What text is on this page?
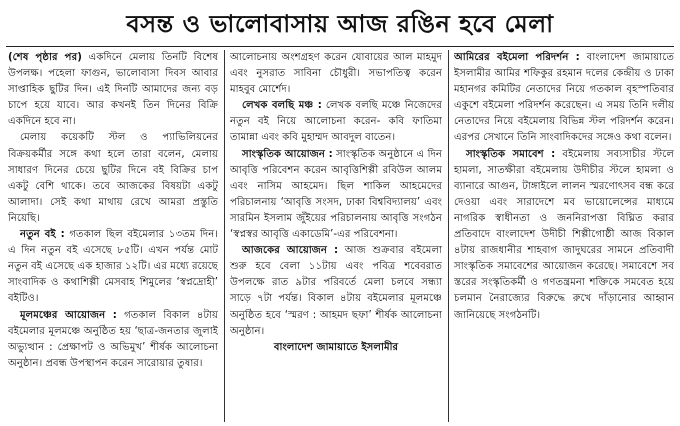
বসন্ত ও ভালোবাসায় আজ রঙিন হবে মেলা

(শেষ পৃষ্ঠার পর) একদিনে মেলায় তিনটি বিশেষ উপলক্ষ। পহেলা ফাগুন, ভালোবাসা দিবস আবার সাপ্তাহিক ছুটির দিন। এই দিনটি আমাদের জন্য বড় চাপে হয়ে যাবে। আর কখনই তিন দিনের বিক্রি একদিনে হবে না।

মেলায় কয়েকটি স্টল ও প্যাভিলিয়নের বিক্রয়কর্মীর সঙ্গে কথা হলে তারা বলেন, মেলায় সাধারণ দিনের চেয়ে ছুটির দিনে বই বিক্রির চাপ একটু বেশি থাকে। তবে আজকের বিষয়টা একটু আলাদা। সেই কথা মাথায় রেখে আমরা প্রস্তুতি নিয়েছি।

নতুন বই : গতকাল ছিল বইমেলার ১৩তম দিন। এ দিন নতুন বই এসেছে ৮৫টি। এখন পর্যন্ত মোট নতুন বই এসেছে এক হাজার ১২টি। এর মধ্যে রয়েছে সাংবাদিক ও কথাশিল্পী মেসবাহ শিমুলের ‘স্বপ্নদ্রোহী’ বইটিও।

মূলমঞ্চের আয়োজন : গতকাল বিকাল ৪টায় বইমেলার মূলমঞ্চে অনুষ্ঠিত হয় ‘ছাত্র-জনতার জুলাই অভ্যুত্থান : প্রেক্ষাপট ও অভিমুখ’ শীর্ষক আলোচনা অনুষ্ঠান। প্রবন্ধ উপস্থাপন করেন সারোয়ার তুষার।

আলোচনায় অংশগ্রহণ করেন যোবায়ের আল মাহমুদ এবং নুসরাত সাবিনা চৌধুরী। সভাপতিত্ব করেন মাহবুব মোর্শেদ।

লেখক বলছি মঞ্চ : লেখক বলছি মঞ্চে নিজেদের নতুন বই নিয়ে আলোচনা করেন- কবি ফাতিমা তামান্না এবং কবি মুহাম্মদ আবদুল বাতেন।

সাংস্কৃতিক আয়োজন : সাংস্কৃতিক অনুষ্ঠানে এ দিন আবৃত্তি পরিবেশন করেন আবৃত্তিশিল্পী রবিউল আলম এবং নাসিম আহমেদ। ছিল শাকিল আহমেদের পরিচালনায় ‘আবৃত্তি সংসদ, ঢাকা বিশ্ববিদ্যালয়’ এবং সারমিন ইসলাম জুঁইয়ের পরিচালনায় আবৃত্তি সংগঠন ‘স্বপ্নস্বর আবৃত্তি একাডেমি’-এর পরিবেশনা।

আজকের আয়োজন : আজ শুক্রবার বইমেলা শুরু হবে বেলা ১১টায় এবং পবিত্র শবেবরাত উপলক্ষে রাত ৯টার পরিবর্তে মেলা চলবে সন্ধ্যা সাড়ে ৭টা পর্যন্ত। বিকাল ৪টায় বইমেলার মূলমঞ্চে অনুষ্ঠিত হবে ‘স্মরণ : আহমদ ছফা’ শীর্ষক আলোচনা অনুষ্ঠান।

বাংলাদেশ জামায়াতে ইসলামীর

আমিরের বইমেলা পরিদর্শন : বাংলাদেশ জামায়াতে ইসলামীর আমির শফিকুর রহমান দলের কেন্দ্রীয় ও ঢাকা মহানগর কমিটির নেতাদের নিয়ে গতকাল বৃহস্পতিবার একুশে বইমেলা পরিদর্শন করেছেন। এ সময় তিনি দলীয় নেতাদের নিয়ে বইমেলায় বিভিন্ন স্টল পরিদর্শন করেন। এরপর সেখানে তিনি সাংবাদিকদের সঙ্গেও কথা বলেন।

সাংস্কৃতিক সমাবেশ : বইমেলায় সব্যসাচীর স্টলে হামলা, সাতক্ষীরা বইমেলায় উদীচীর স্টলে হামলা ও ব্যানারে আগুন, টাঙ্গাইলে লালন স্মরণোৎসব বন্ধ করে দেওয়া এবং সারাদেশে মব ভায়োলেন্সের মাধ্যমে নাগরিক স্বাধীনতা ও জননিরাপত্তা বিঘ্নিত করার প্রতিবাদে বাংলাদেশ উদীচী শিল্পীগোষ্ঠী আজ বিকাল ৪টায় রাজধানীর শাহবাগ জাদুঘরের সামনে প্রতিবাদী সাংস্কৃতিক সমাবেশের আয়োজন করেছে। সমাবেশে সব স্তরের সংস্কৃতিকর্মী ও গণতন্ত্রমনা শক্তিকে সমবেত হয়ে চলমান নৈরাজ্যের বিরুদ্ধে রুখে দাঁড়ানোর আহ্বান জানিয়েছে সংগঠনটি।
